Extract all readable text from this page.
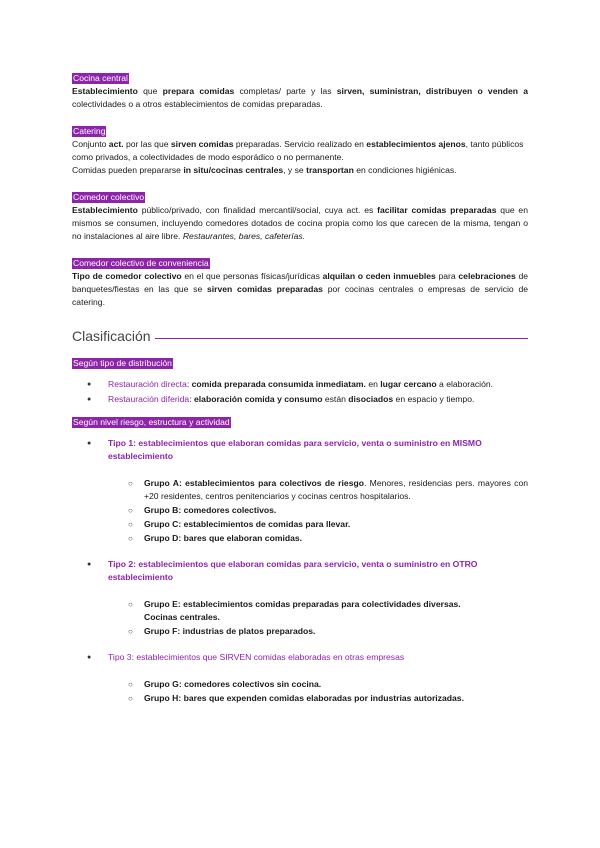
Cocina central

Establecimiento que prepara comidas completas/ parte y las sirven, suministran, distribuyen o venden a colectividades o a otros establecimientos de comidas preparadas.

Catering

Conjunto act. por las que sirven comidas preparadas. Servicio realizado en establecimientos ajenos, tanto públicos como privados, a colectividades de modo esporádico o no permanente.

Comidas pueden prepararse in situ/cocinas centrales, y se transportan en condiciones higiénicas.

Comedor colectivo

Establecimiento público/privado, con finalidad mercantil/social, cuya act. es facilitar comidas preparadas que en mismos se consumen, incluyendo comedores dotados de cocina propia como los que carecen de la misma, tengan o no instalaciones al aire libre. Restaurantes, bares, cafeterías.

Comedor colectivo de conveniencia

Tipo de comedor colectivo en el que personas físicas/jurídicas alquilan o ceden inmuebles para celebraciones de banquetes/fiestas en las que se sirven comidas preparadas por cocinas centrales o empresas de servicio de catering.

Clasificación
Según tipo de distribución
● Restauración directa: comida preparada consumida inmediatam. en lugar cercano a elaboración.
● Restauración diferida: elaboración comida y consumo están disociados en espacio y tiempo.
Según nivel riesgo, estructura y actividad
● Tipo 1: establecimientos que elaboran comidas para servicio, venta o suministro en MISMO establecimiento
○ Grupo A: establecimientos para colectivos de riesgo. Menores, residencias pers. mayores con +20 residentes, centros penitenciarios y cocinas centros hospitalarios.
○ Grupo B: comedores colectivos.
○ Grupo C: establecimientos de comidas para llevar.
○ Grupo D: bares que elaboran comidas.
● Tipo 2: establecimientos que elaboran comidas para servicio, venta o suministro en OTRO establecimiento
○ Grupo E: establecimientos comidas preparadas para colectividades diversas.
Cocinas centrales.
○ Grupo F: industrias de platos preparados.
● Tipo 3: establecimientos que SIRVEN comidas elaboradas en otras empresas
○ Grupo G: comedores colectivos sin cocina.
○ Grupo H: bares que expenden comidas elaboradas por industrias autorizadas.
